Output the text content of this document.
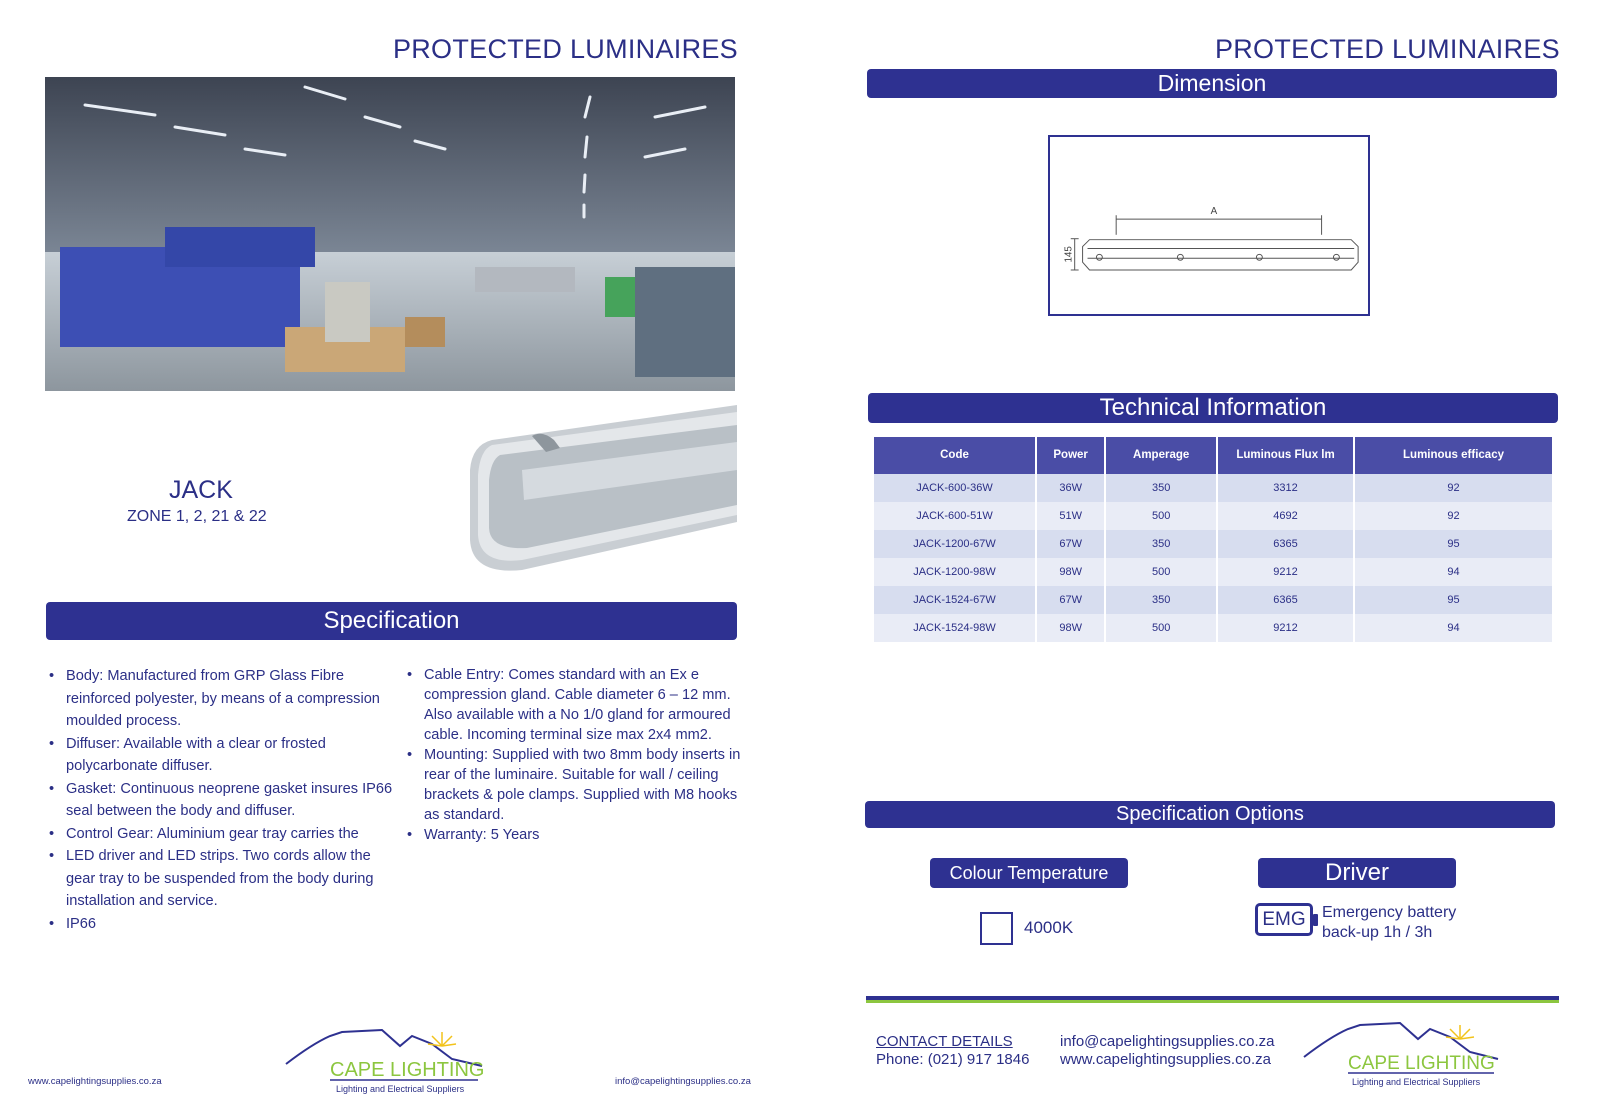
PROTECTED LUMINAIRES
JACK
ZONE 1, 2, 21 & 22
Specification
• Body: Manufactured from GRP Glass Fibre reinforced polyester, by means of a compression moulded process.
• Diffuser: Available with a clear or frosted polycarbonate diffuser.
• Gasket: Continuous neoprene gasket insures IP66 seal between the body and diffuser.
• Control Gear: Aluminium gear tray carries the
• LED driver and LED strips. Two cords allow the gear tray to be suspended from the body during installation and service.
• IP66
• Cable Entry: Comes standard with an Ex e compression gland. Cable diameter 6 – 12 mm. Also available with a No 1/0 gland for armoured cable. Incoming terminal size max 2x4 mm2.
• Mounting: Supplied with two 8mm body inserts in rear of the luminaire. Suitable for wall / ceiling brackets & pole clamps. Supplied with M8 hooks as standard.
• Warranty: 5 Years
www.capelightingsupplies.co.za	info@capelightingsupplies.co.za
CAPE LIGHTING
Lighting and Electrical Suppliers
PROTECTED LUMINAIRES
Dimension
A
145
Technical Information
Code	Power	Amperage	Luminous Flux lm	Luminous efficacy
JACK-600-36W	36W	350	3312	92
JACK-600-51W	51W	500	4692	92
JACK-1200-67W	67W	350	6365	95
JACK-1200-98W	98W	500	9212	94
JACK-1524-67W	67W	350	6365	95
JACK-1524-98W	98W	500	9212	94
Specification Options
Colour Temperature	Driver
4000K	EMG	Emergency battery back-up 1h / 3h
CONTACT DETAILS
Phone: (021) 917 1846
info@capelightingsupplies.co.za
www.capelightingsupplies.co.za	CAPE LIGHTING
Lighting and Electrical Suppliers
